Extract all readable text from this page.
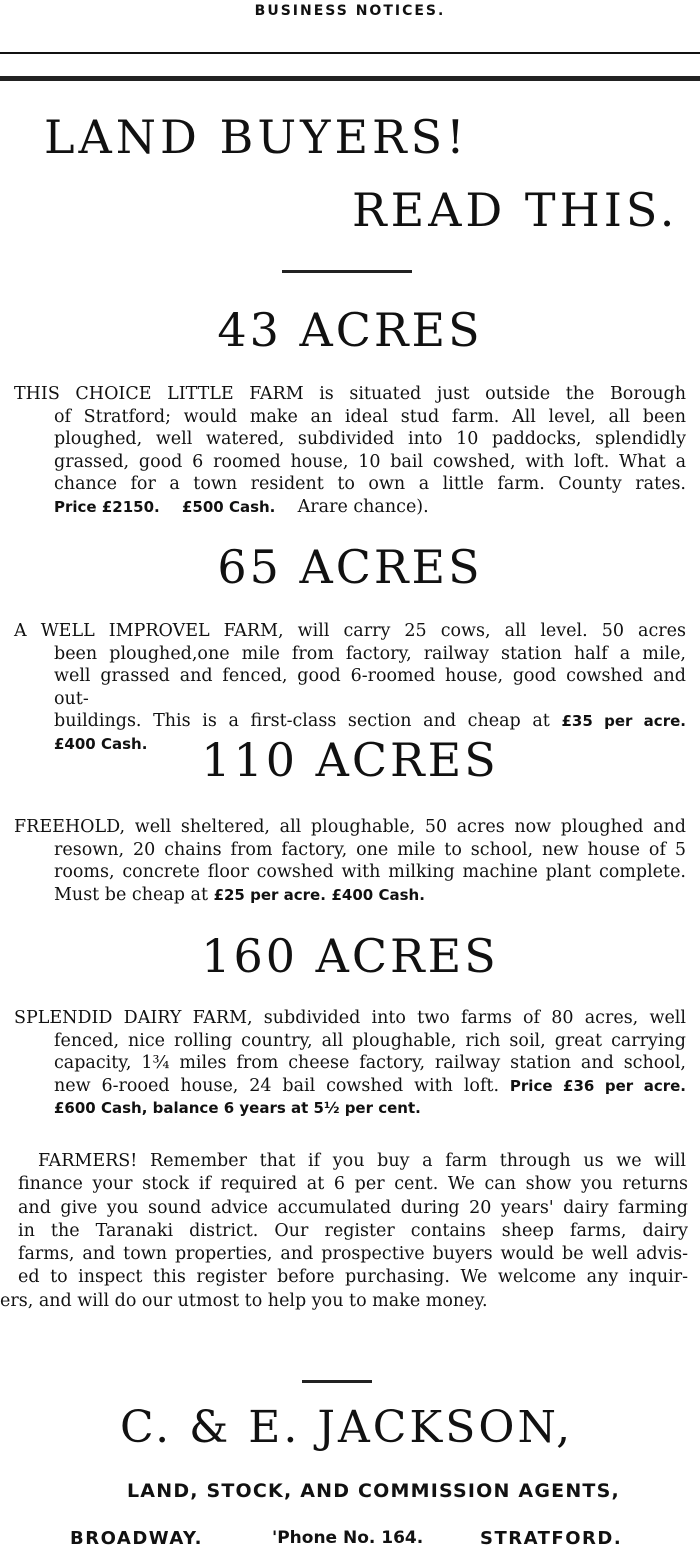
BUSINESS NOTICES.
LAND BUYERS!
READ THIS.
43 ACRES
THIS CHOICE LITTLE FARM is situated just outside the Borough
of Stratford; would make an ideal stud farm. All level, all been
ploughed, well watered, subdivided into 10 paddocks, splendidly
grassed, good 6 roomed house, 10 bail cowshed, with loft. What a
chance for a town resident to own a little farm. County rates.
Price £2150. £500 Cash. Arare chance).
65 ACRES
A WELL IMPROVEL FARM, will carry 25 cows, all level. 50 acres
been ploughed,one mile from factory, railway station half a mile,
well grassed and fenced, good 6-roomed house, good cowshed and out-
buildings. This is a first-class section and cheap at £35 per acre.
£400 Cash.	110 ACRES
FREEHOLD, well sheltered, all ploughable, 50 acres now ploughed and
resown, 20 chains from factory, one mile to school, new house of 5
rooms, concrete floor cowshed with milking machine plant complete.
Must be cheap at £25 per acre. £400 Cash.
160 ACRES
SPLENDID DAIRY FARM, subdivided into two farms of 80 acres, well
fenced, nice rolling country, all ploughable, rich soil, great carrying
capacity, 1¾ miles from cheese factory, railway station and school,
new 6-rooed house, 24 bail cowshed with loft. Price £36 per acre.
£600 Cash, balance 6 years at 5½ per cent.
FARMERS! Remember that if you buy a farm through us we will
finance your stock if required at 6 per cent. We can show you returns
and give you sound advice accumulated during 20 years' dairy farming
in the Taranaki district. Our register contains sheep farms, dairy
farms, and town properties, and prospective buyers would be well advis-
ed to inspect this register before purchasing. We welcome any inquir-
ers, and will do our utmost to help you to make money.
C. & E. JACKSON,
LAND, STOCK, AND COMMISSION AGENTS,
BROADWAY.	'Phone No. 164.	STRATFORD.
